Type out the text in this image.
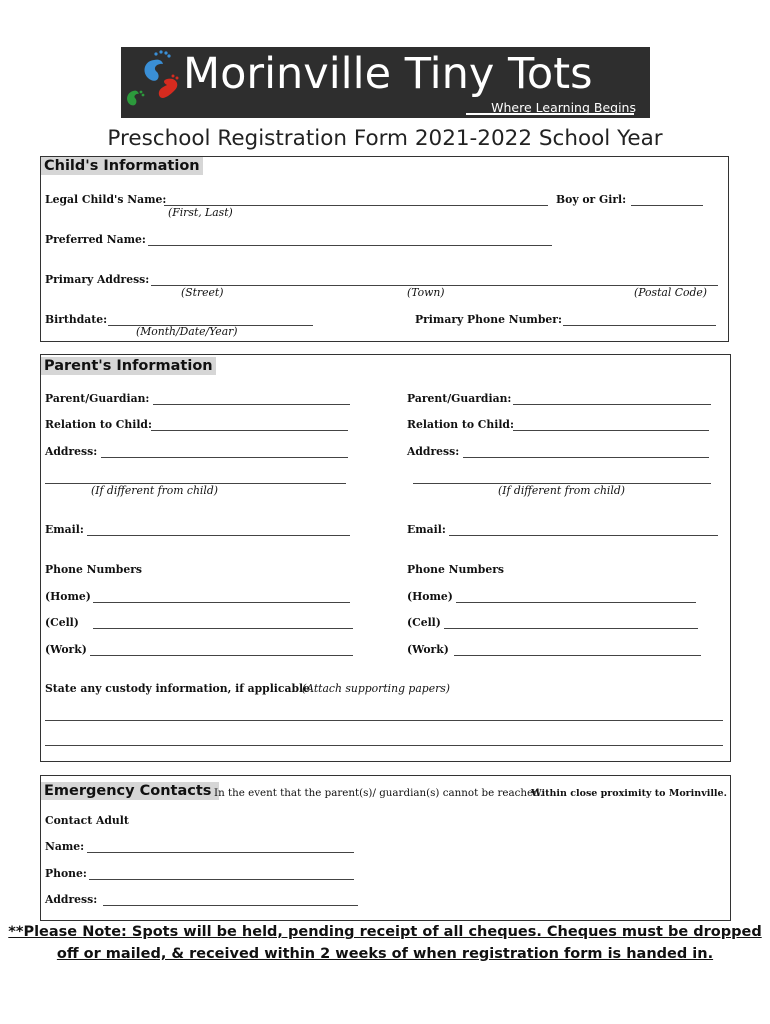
Morinville Tiny Tots
Where Learning Begins
Preschool Registration Form 2021-2022 School Year
Child's Information
Legal Child's Name:
(First, Last)
Boy or Girl:
Preferred Name:
Primary Address:
(Street)	(Town)	(Postal Code)
Birthdate:
(Month/Date/Year)
Primary Phone Number:
Parent's Information
Parent/Guardian:
Relation to Child:
Address:
(If different from child)
Email:
Phone Numbers
(Home)
(Cell)
(Work)
Parent/Guardian:
Relation to Child:
Address:
(If different from child)
Email:
Phone Numbers
(Home)
(Cell)
(Work)
State any custody information, if applicable
(Attach supporting papers)
Emergency Contacts In the event that the parent(s)/ guardian(s) cannot be reached.
Within close proximity to Morinville.
Contact Adult
Name:
Phone:
Address:
**Please Note: Spots will be held, pending receipt of all cheques. Cheques must be dropped
off or mailed, & received within 2 weeks of when registration form is handed in.
